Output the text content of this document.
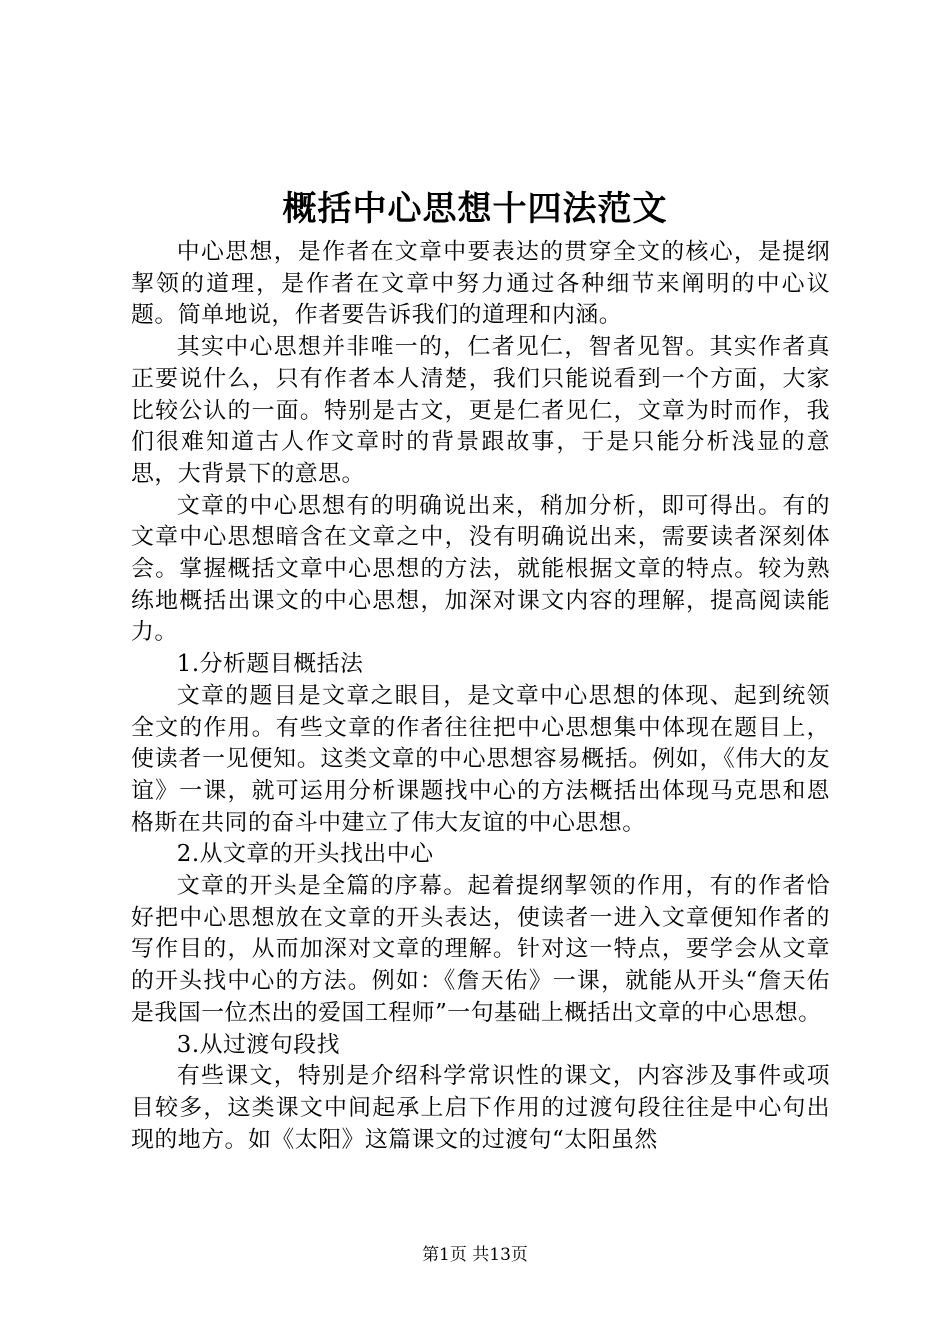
概括中心思想十四法范文

中心思想，是作者在文章中要表达的贯穿全文的核心，是提纲挈领的道理，是作者在文章中努力通过各种细节来阐明的中心议题。简单地说，作者要告诉我们的道理和内涵。

其实中心思想并非唯一的，仁者见仁，智者见智。其实作者真正要说什么，只有作者本人清楚，我们只能说看到一个方面，大家比较公认的一面。特别是古文，更是仁者见仁，文章为时而作，我们很难知道古人作文章时的背景跟故事，于是只能分析浅显的意思，大背景下的意思。

文章的中心思想有的明确说出来，稍加分析，即可得出。有的文章中心思想暗含在文章之中，没有明确说出来，需要读者深刻体会。掌握概括文章中心思想的方法，就能根据文章的特点。较为熟练地概括出课文的中心思想，加深对课文内容的理解，提高阅读能力。

1.分析题目概括法

文章的题目是文章之眼目，是文章中心思想的体现、起到统领全文的作用。有些文章的作者往往把中心思想集中体现在题目上，使读者一见便知。这类文章的中心思想容易概括。例如，《伟大的友谊》一课，就可运用分析课题找中心的方法概括出体现马克思和恩格斯在共同的奋斗中建立了伟大友谊的中心思想。

2.从文章的开头找出中心

文章的开头是全篇的序幕。起着提纲挈领的作用，有的作者恰好把中心思想放在文章的开头表达，使读者一进入文章便知作者的写作目的，从而加深对文章的理解。针对这一特点，要学会从文章的开头找中心的方法。例如：《詹天佑》一课，就能从开头“詹天佑是我国一位杰出的爱国工程师”一句基础上概括出文章的中心思想。

3.从过渡句段找

有些课文，特别是介绍科学常识性的课文，内容涉及事件或项目较多，这类课文中间起承上启下作用的过渡句段往往是中心句出现的地方。如《太阳》这篇课文的过渡句“太阳虽然

第1页 共13页
